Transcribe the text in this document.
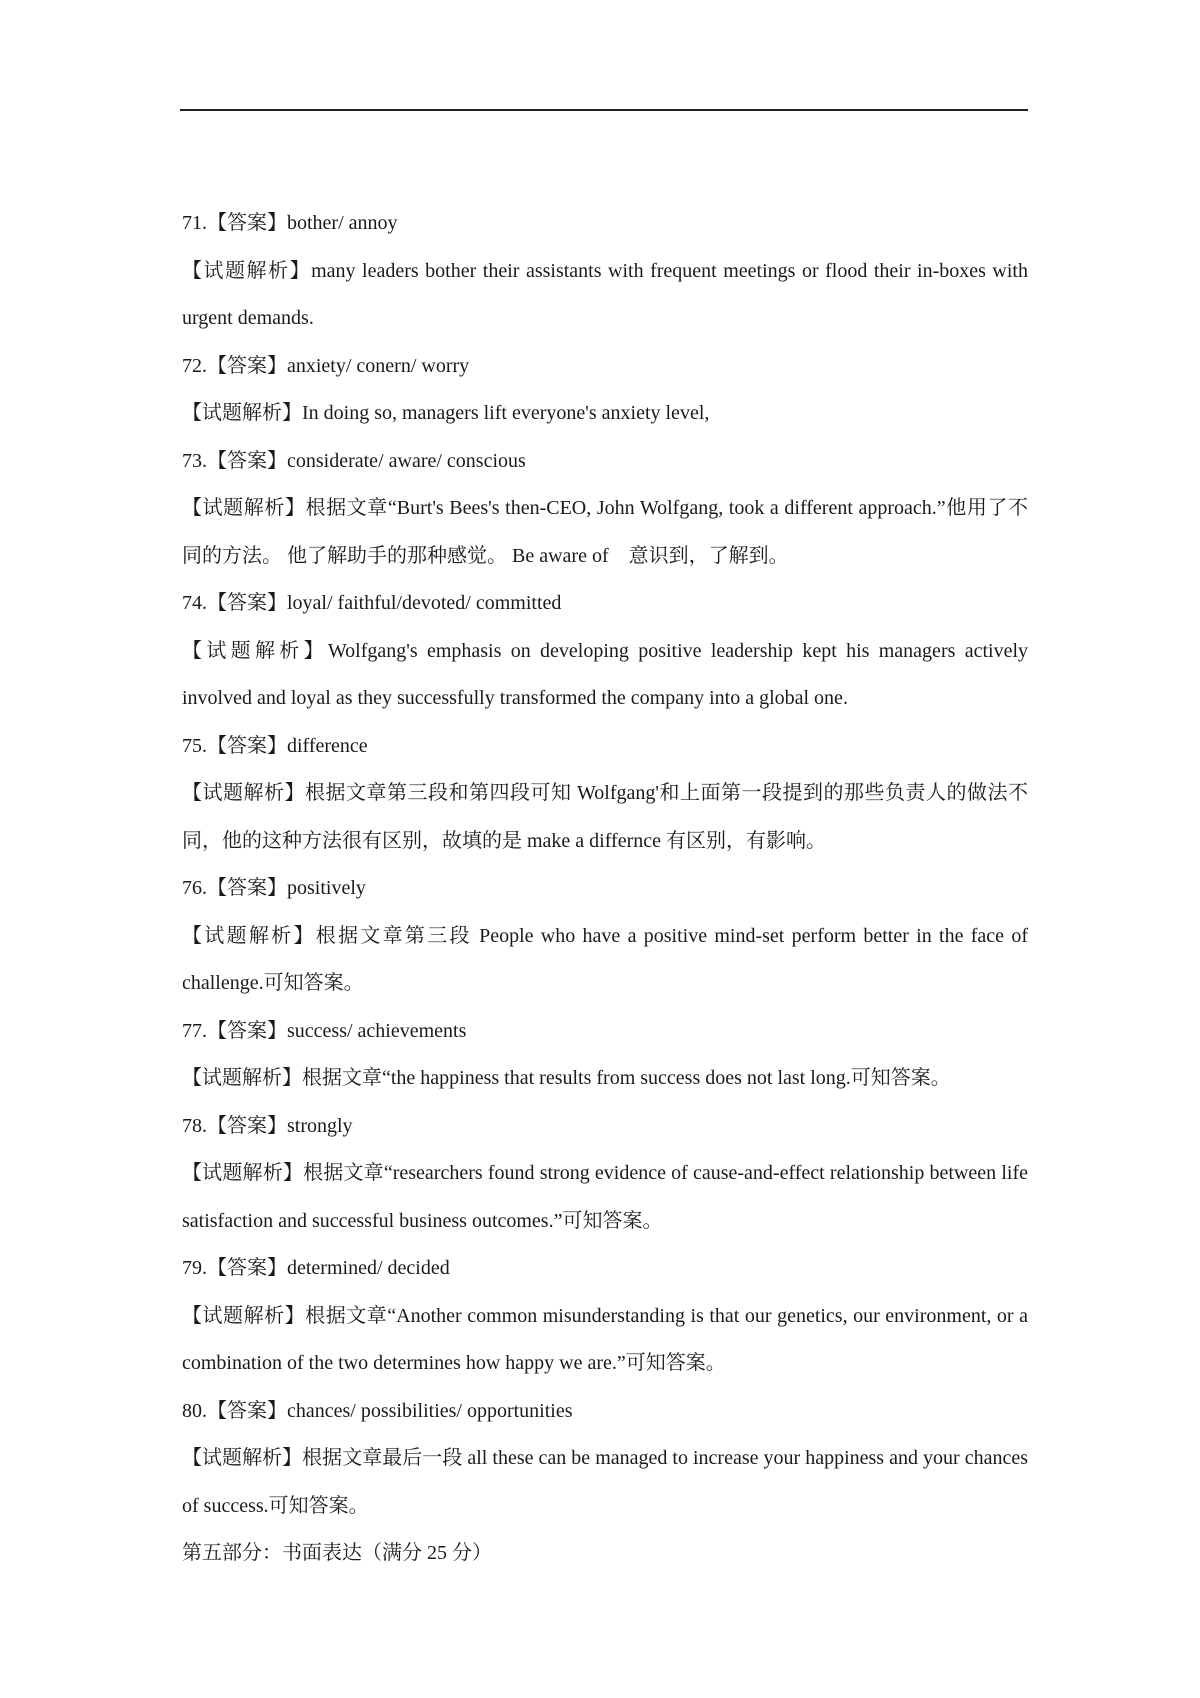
71.【答案】bother/ annoy
【试题解析】many leaders bother their assistants with frequent meetings or flood their in-boxes with urgent demands.
72.【答案】anxiety/ conern/ worry
【试题解析】In doing so, managers lift everyone's anxiety level,
73.【答案】considerate/ aware/ conscious
【试题解析】根据文章“Burt's Bees's then-CEO, John Wolfgang, took a different approach.”他用了不同的方法。 他了解助手的那种感觉。 Be aware of　意识到，了解到。
74.【答案】loyal/ faithful/devoted/ committed
【试题解析】Wolfgang's emphasis on developing positive leadership kept his managers actively involved and loyal as they successfully transformed the company into a global one.
75.【答案】difference
【试题解析】根据文章第三段和第四段可知 Wolfgang'和上面第一段提到的那些负责人的做法不同，他的这种方法很有区别，故填的是 make a differnce 有区别，有影响。
76.【答案】positively
【试题解析】根据文章第三段 People who have a positive mind-set perform better in the face of challenge.可知答案。
77.【答案】success/ achievements
【试题解析】根据文章“the happiness that results from success does not last long.可知答案。
78.【答案】strongly
【试题解析】根据文章“researchers found strong evidence of cause-and-effect relationship between life satisfaction and successful business outcomes.”可知答案。
79.【答案】determined/ decided
【试题解析】根据文章“Another common misunderstanding is that our genetics, our environment, or a combination of the two determines how happy we are.”可知答案。
80.【答案】chances/ possibilities/ opportunities
【试题解析】根据文章最后一段 all these can be managed to increase your happiness and your chances of success.可知答案。
第五部分：书面表达（满分 25 分）
